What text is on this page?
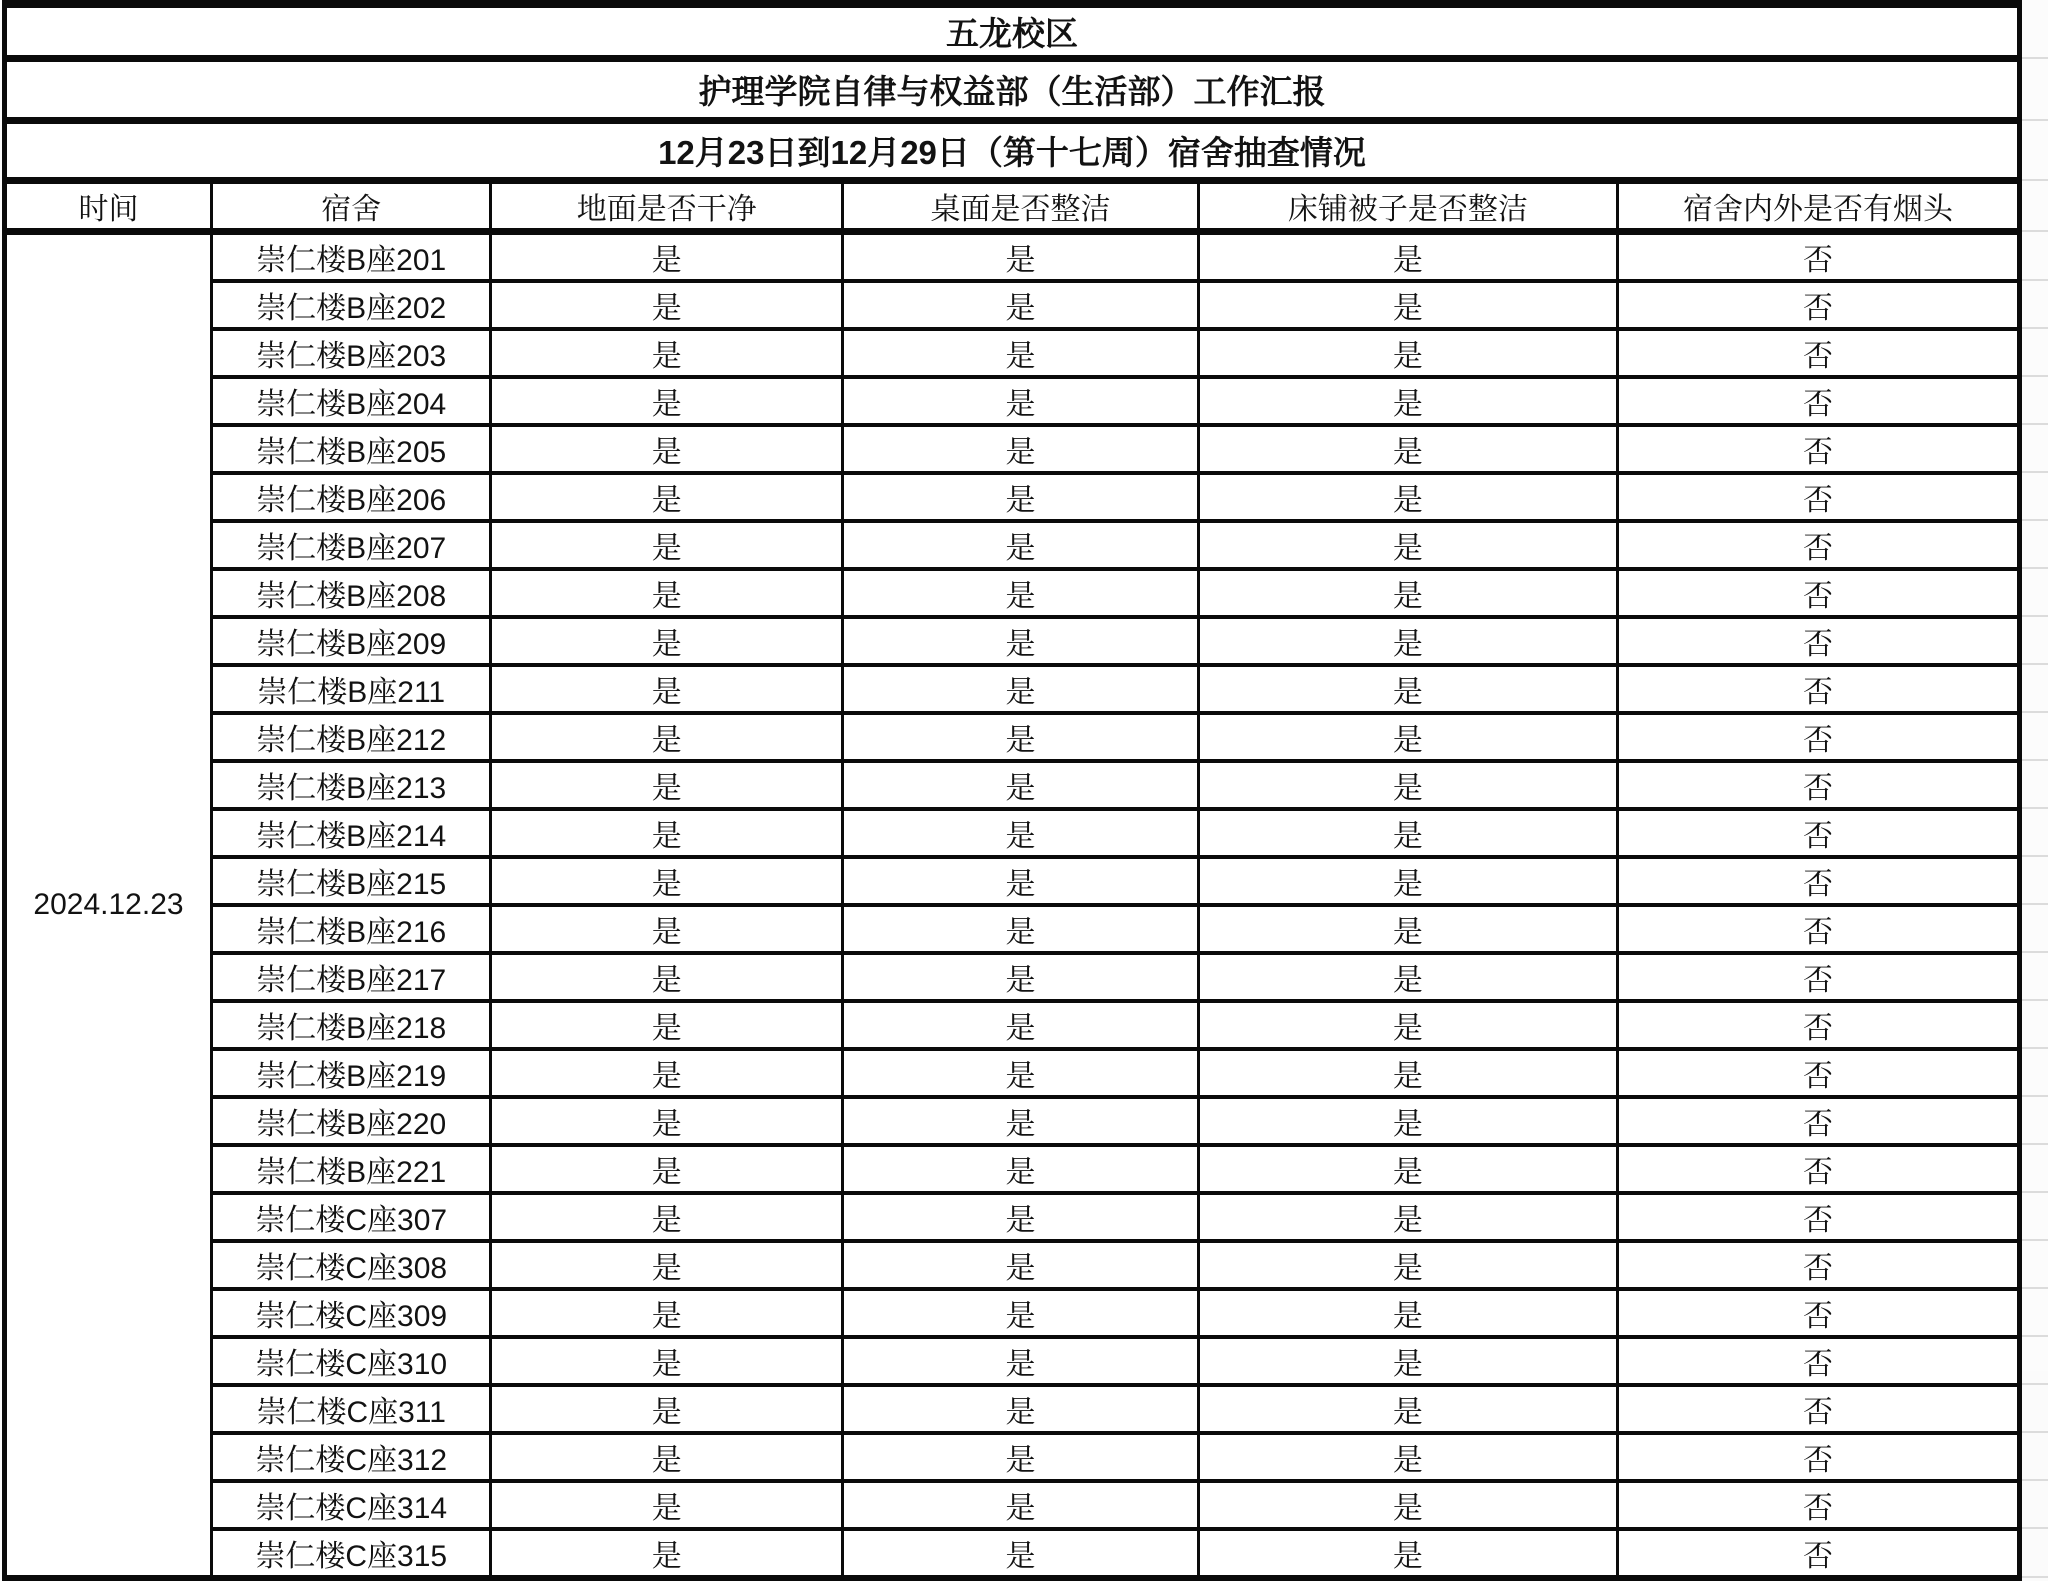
五龙校区					
护理学院自律与权益部（生活部）工作汇报					
12月23日到12月29日（第十七周）宿舍抽查情况					
时间	宿舍	地面是否干净	桌面是否整洁	床铺被子是否整洁	宿舍内外是否有烟头
2024.12.23	崇仁楼B座201	是	是	是	否
	崇仁楼B座202	是	是	是	否
	崇仁楼B座203	是	是	是	否
	崇仁楼B座204	是	是	是	否
	崇仁楼B座205	是	是	是	否
	崇仁楼B座206	是	是	是	否
	崇仁楼B座207	是	是	是	否
	崇仁楼B座208	是	是	是	否
	崇仁楼B座209	是	是	是	否
	崇仁楼B座211	是	是	是	否
	崇仁楼B座212	是	是	是	否
	崇仁楼B座213	是	是	是	否
	崇仁楼B座214	是	是	是	否
	崇仁楼B座215	是	是	是	否
	崇仁楼B座216	是	是	是	否
	崇仁楼B座217	是	是	是	否
	崇仁楼B座218	是	是	是	否
	崇仁楼B座219	是	是	是	否
	崇仁楼B座220	是	是	是	否
	崇仁楼B座221	是	是	是	否
	崇仁楼C座307	是	是	是	否
	崇仁楼C座308	是	是	是	否
	崇仁楼C座309	是	是	是	否
	崇仁楼C座310	是	是	是	否
	崇仁楼C座311	是	是	是	否
	崇仁楼C座312	是	是	是	否
	崇仁楼C座314	是	是	是	否
	崇仁楼C座315	是	是	是	否
